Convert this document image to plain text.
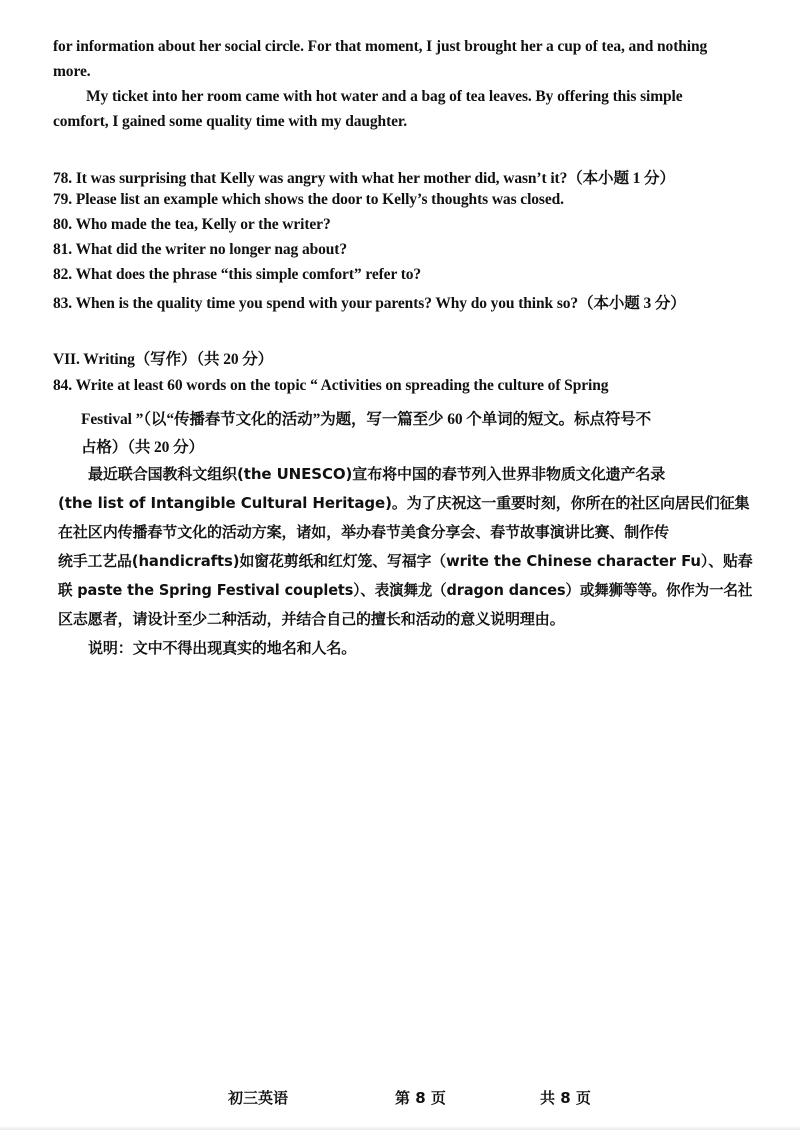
for information about her social circle. For that moment, I just brought her a cup of tea, and nothing
more.
My ticket into her room came with hot water and a bag of tea leaves. By offering this simple
comfort, I gained some quality time with my daughter.
78. It was surprising that Kelly was angry with what her mother did, wasn’t it?（本小题 1 分）
79. Please list an example which shows the door to Kelly’s thoughts was closed.
80. Who made the tea, Kelly or the writer?
81. What did the writer no longer nag about?
82. What does the phrase “this simple comfort” refer to?
83. When is the quality time you spend with your parents? Why do you think so?（本小题 3 分）
VII. Writing（写作）（共 20 分）
84. Write at least 60 words on the topic “ Activities on spreading the culture of Spring
Festival ”（以“传播春节文化的活动”为题，写一篇至少 60 个单词的短文。标点符号不
占格）（共 20 分）
最近联合国教科文组织(the UNESCO)宣布将中国的春节列入世界非物质文化遗产名录
(the list of Intangible Cultural Heritage)。为了庆祝这一重要时刻，你所在的社区向居民们征集
在社区内传播春节文化的活动方案，诸如，举办春节美食分享会、春节故事演讲比赛、制作传
统手工艺品(handicrafts)如窗花剪纸和红灯笼、写福字（write the Chinese character Fu）、贴春
联 paste the Spring Festival couplets）、表演舞龙（dragon dances）或舞狮等等。你作为一名社
区志愿者，请设计至少二种活动，并结合自己的擅长和活动的意义说明理由。
说明：文中不得出现真实的地名和人名。
初三英语	第 8 页	共 8 页
